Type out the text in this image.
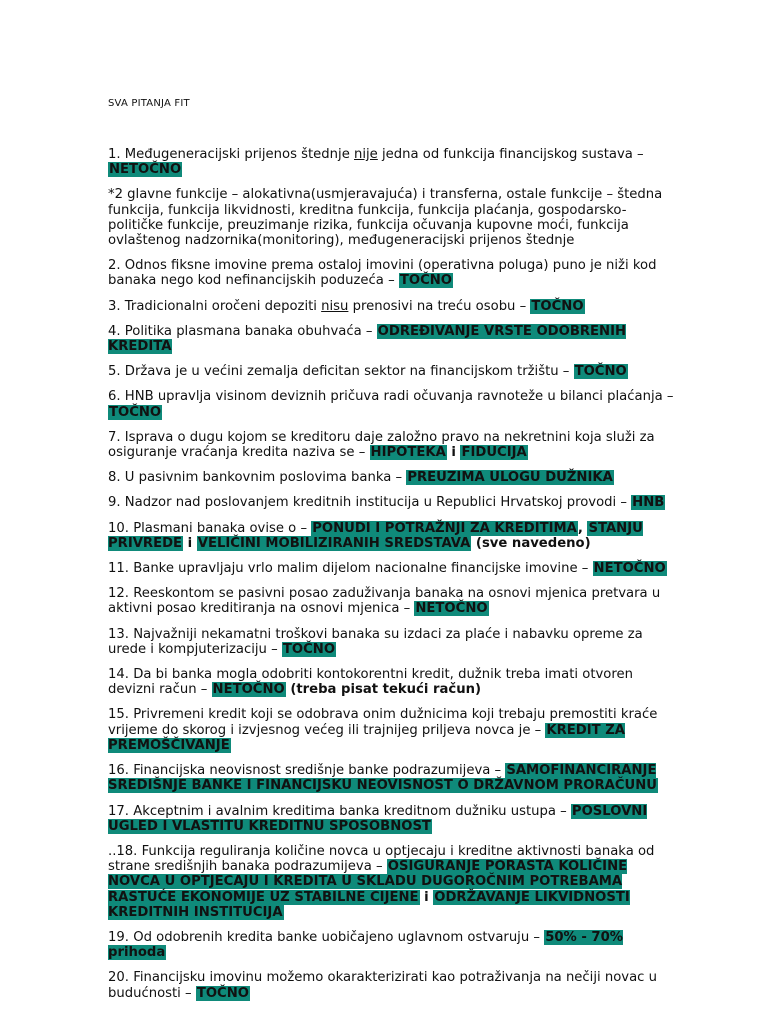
SVA PITANJA FIT

1. Međugeneracijski prijenos štednje nije jedna od funkcija financijskog sustava – NETOČNO

*2 glavne funkcije – alokativna(usmjeravajuća) i transferna, ostale funkcije – štedna funkcija, funkcija likvidnosti, kreditna funkcija, funkcija plaćanja, gospodarsko-političke funkcije, preuzimanje rizika, funkcija očuvanja kupovne moći, funkcija ovlaštenog nadzornika(monitoring), međugeneracijski prijenos štednje

2. Odnos fiksne imovine prema ostaloj imovini (operativna poluga) puno je niži kod banaka nego kod nefinancijskih poduzeća – TOČNO

3. Tradicionalni oročeni depoziti nisu prenosivi na treću osobu – TOČNO

4. Politika plasmana banaka obuhvaća – ODREĐIVANJE VRSTE ODOBRENIH KREDITA

5. Država je u većini zemalja deficitan sektor na financijskom tržištu – TOČNO

6. HNB upravlja visinom deviznih pričuva radi očuvanja ravnoteže u bilanci plaćanja – TOČNO

7. Isprava o dugu kojom se kreditoru daje založno pravo na nekretnini koja služi za osiguranje vraćanja kredita naziva se – HIPOTEKA i FIDUCIJA

8. U pasivnim bankovnim poslovima banka – PREUZIMA ULOGU DUŽNIKA

9. Nadzor nad poslovanjem kreditnih institucija u Republici Hrvatskoj provodi – HNB

10. Plasmani banaka ovise o – PONUDI I POTRAŽNJI ZA KREDITIMA, STANJU PRIVREDE i VELIČINI MOBILIZIRANIH SREDSTAVA (sve navedeno)

11. Banke upravljaju vrlo malim dijelom nacionalne financijske imovine – NETOČNO

12. Reeskontom se pasivni posao zaduživanja banaka na osnovi mjenica pretvara u aktivni posao kreditiranja na osnovi mjenica – NETOČNO

13. Najvažniji nekamatni troškovi banaka su izdaci za plaće i nabavku opreme za urede i kompjuterizaciju – TOČNO

14. Da bi banka mogla odobriti kontokorentni kredit, dužnik treba imati otvoren devizni račun – NETOČNO (treba pisat tekući račun)

15. Privremeni kredit koji se odobrava onim dužnicima koji trebaju premostiti kraće vrijeme do skorog i izvjesnog većeg ili trajnijeg priljeva novca je – KREDIT ZA PREMOŠČIVANJE

16. Financijska neovisnost središnje banke podrazumijeva – SAMOFINANCIRANJE SREDIŠNJE BANKE I FINANCIJSKU NEOVISNOST O DRŽAVNOM PRORAČUNU

17. Akceptnim i avalnim kreditima banka kreditnom dužniku ustupa – POSLOVNI UGLED I VLASTITU KREDITNU SPOSOBNOST

..18. Funkcija reguliranja količine novca u optjecaju i kreditne aktivnosti banaka od strane središnjih banaka podrazumijeva – OSIGURANJE PORASTA KOLIČINE NOVCA U OPTJECAJU I KREDITA U SKLADU DUGOROČNIM POTREBAMA RASTUĆE EKONOMIJE UZ STABILNE CIJENE i ODRŽAVANJE LIKVIDNOSTI KREDITNIH INSTITUCIJA

19. Od odobrenih kredita banke uobičajeno uglavnom ostvaruju – 50% - 70% prihoda

20. Financijsku imovinu možemo okarakterizirati kao potraživanja na nečiji novac u budućnosti – TOČNO
